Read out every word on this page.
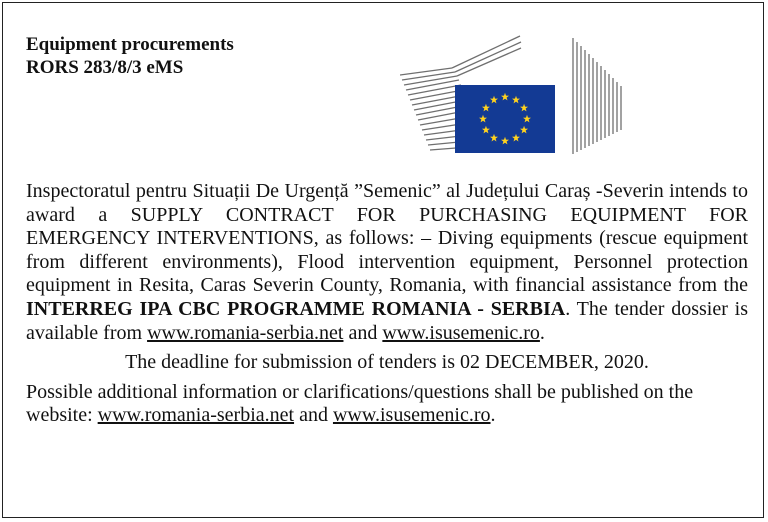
Equipment procurements
RORS 283/8/3 eMS

Inspectoratul pentru Situații De Urgență ”Semenic” al Județului Caraș -Severin intends to award a SUPPLY CONTRACT FOR PURCHASING EQUIPMENT FOR EMERGENCY INTERVENTIONS, as follows: – Diving equipments (rescue equipment from different environments), Flood intervention equipment, Personnel protection equipment in Resita, Caras Severin County, Romania, with financial assistance from the INTERREG IPA CBC PROGRAMME ROMANIA - SERBIA. The tender dossier is available from www.romania-serbia.net and www.isusemenic.ro.

The deadline for submission of tenders is 02 DECEMBER, 2020.

Possible additional information or clarifications/questions shall be published on the website: www.romania-serbia.net and www.isusemenic.ro.
